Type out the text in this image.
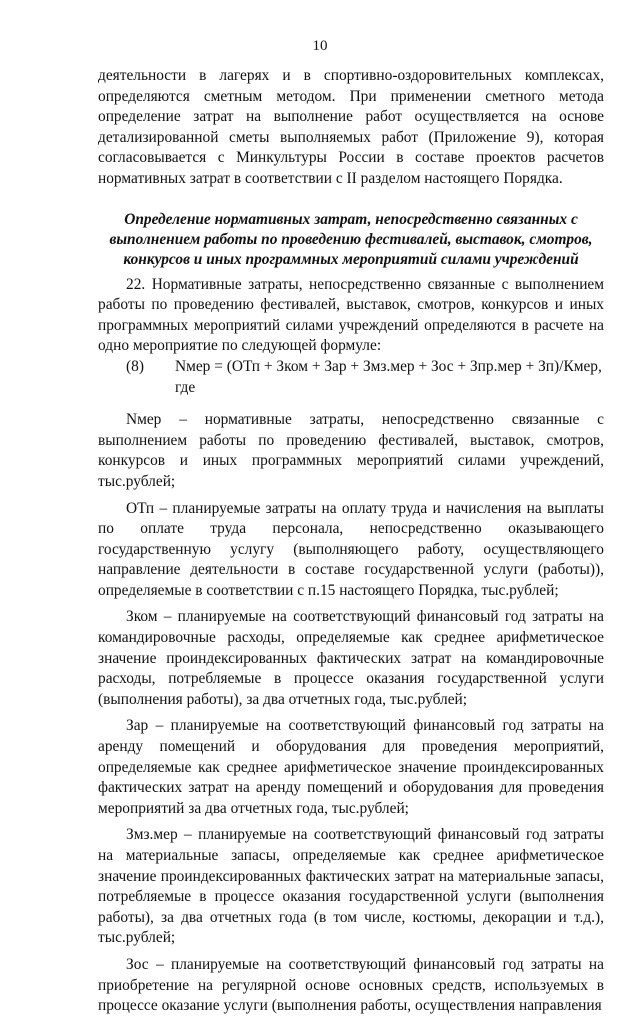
10

деятельности в лагерях и в спортивно-оздоровительных комплексах, определяются сметным методом. При применении сметного метода определение затрат на выполнение работ осуществляется на основе детализированной сметы выполняемых работ (Приложение 9), которая согласовывается с Минкультуры России в составе проектов расчетов нормативных затрат в соответствии с II разделом настоящего Порядка.

Определение нормативных затрат, непосредственно связанных с выполнением работы по проведению фестивалей, выставок, смотров, конкурсов и иных программных мероприятий силами учреждений

22. Нормативные затраты, непосредственно связанные с выполнением работы по проведению фестивалей, выставок, смотров, конкурсов и иных программных мероприятий силами учреждений определяются в расчете на одно мероприятие по следующей формуле:

(8) Nмер = (ОТп + Зком + Зар + Змз.мер + Зос + Зпр.мер + Зп)/Кмер,

где

Nмер – нормативные затраты, непосредственно связанные с выполнением работы по проведению фестивалей, выставок, смотров, конкурсов и иных программных мероприятий силами учреждений, тыс.рублей;

ОТп – планируемые затраты на оплату труда и начисления на выплаты по оплате труда персонала, непосредственно оказывающего государственную услугу (выполняющего работу, осуществляющего направление деятельности в составе государственной услуги (работы)), определяемые в соответствии с п.15 настоящего Порядка, тыс.рублей;

Зком – планируемые на соответствующий финансовый год затраты на командировочные расходы, определяемые как среднее арифметическое значение проиндексированных фактических затрат на командировочные расходы, потребляемые в процессе оказания государственной услуги (выполнения работы), за два отчетных года, тыс.рублей;

Зар – планируемые на соответствующий финансовый год затраты на аренду помещений и оборудования для проведения мероприятий, определяемые как среднее арифметическое значение проиндексированных фактических затрат на аренду помещений и оборудования для проведения мероприятий за два отчетных года, тыс.рублей;

Змз.мер – планируемые на соответствующий финансовый год затраты на материальные запасы, определяемые как среднее арифметическое значение проиндексированных фактических затрат на материальные запасы, потребляемые в процессе оказания государственной услуги (выполнения работы), за два отчетных года (в том числе, костюмы, декорации и т.д.), тыс.рублей;

Зос – планируемые на соответствующий финансовый год затраты на приобретение на регулярной основе основных средств, используемых в процессе оказание услуги (выполнения работы, осуществления направления
